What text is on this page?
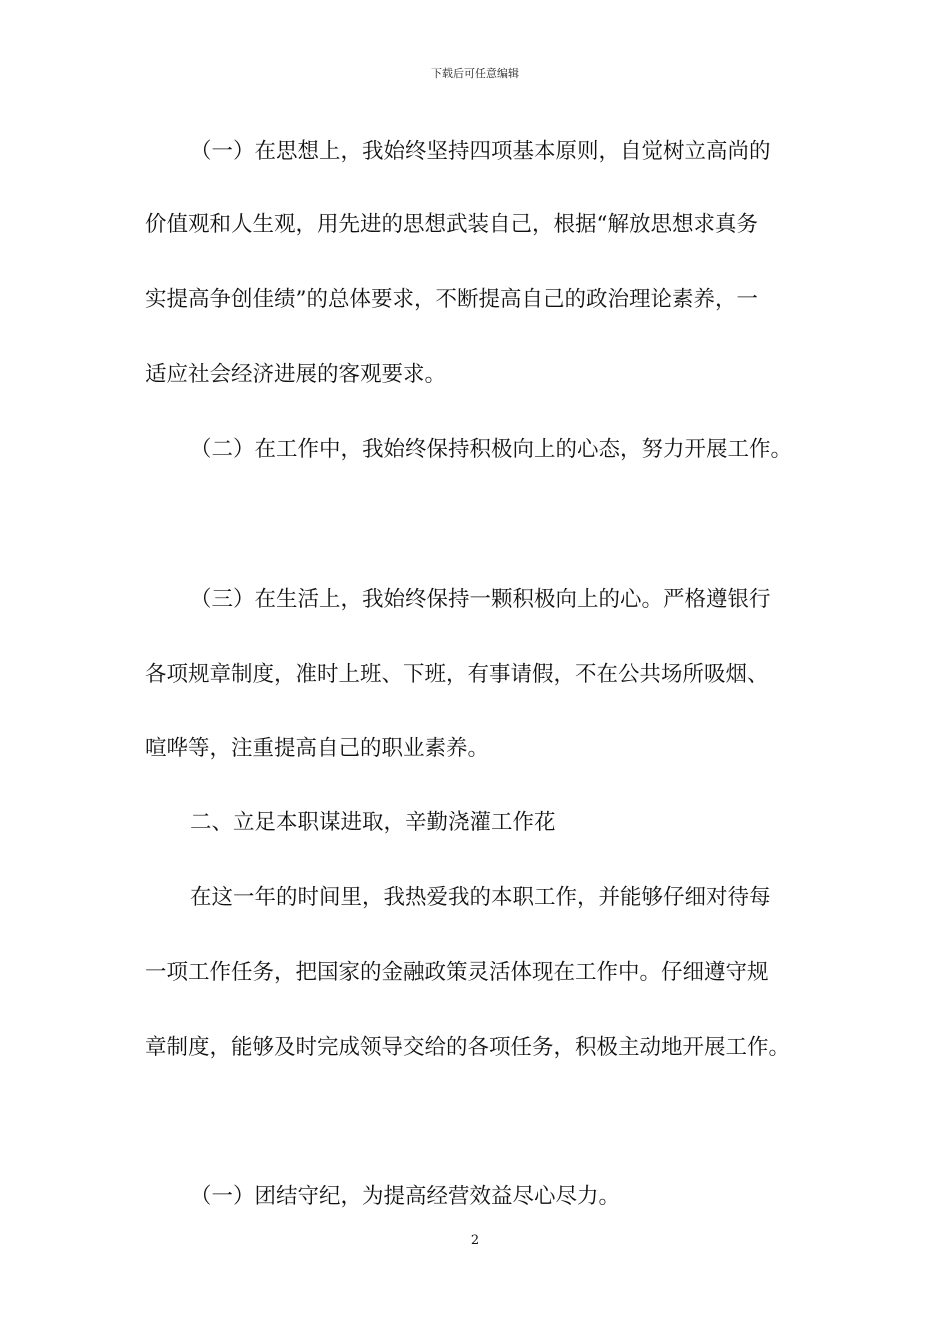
下载后可任意编辑
（一）在思想上，我始终坚持四项基本原则，自觉树立高尚的
价值观和人生观，用先进的思想武装自己，根据“解放思想求真务
实提高争创佳绩”的总体要求，不断提高自己的政治理论素养，一
适应社会经济进展的客观要求。
（二）在工作中，我始终保持积极向上的心态，努力开展工作。
（三）在生活上，我始终保持一颗积极向上的心。严格遵银行
各项规章制度，准时上班、下班，有事请假，不在公共场所吸烟、
喧哗等，注重提高自己的职业素养。
二、立足本职谋进取，辛勤浇灌工作花
在这一年的时间里，我热爱我的本职工作，并能够仔细对待每
一项工作任务，把国家的金融政策灵活体现在工作中。仔细遵守规
章制度，能够及时完成领导交给的各项任务，积极主动地开展工作。
（一）团结守纪，为提高经营效益尽心尽力。
2
